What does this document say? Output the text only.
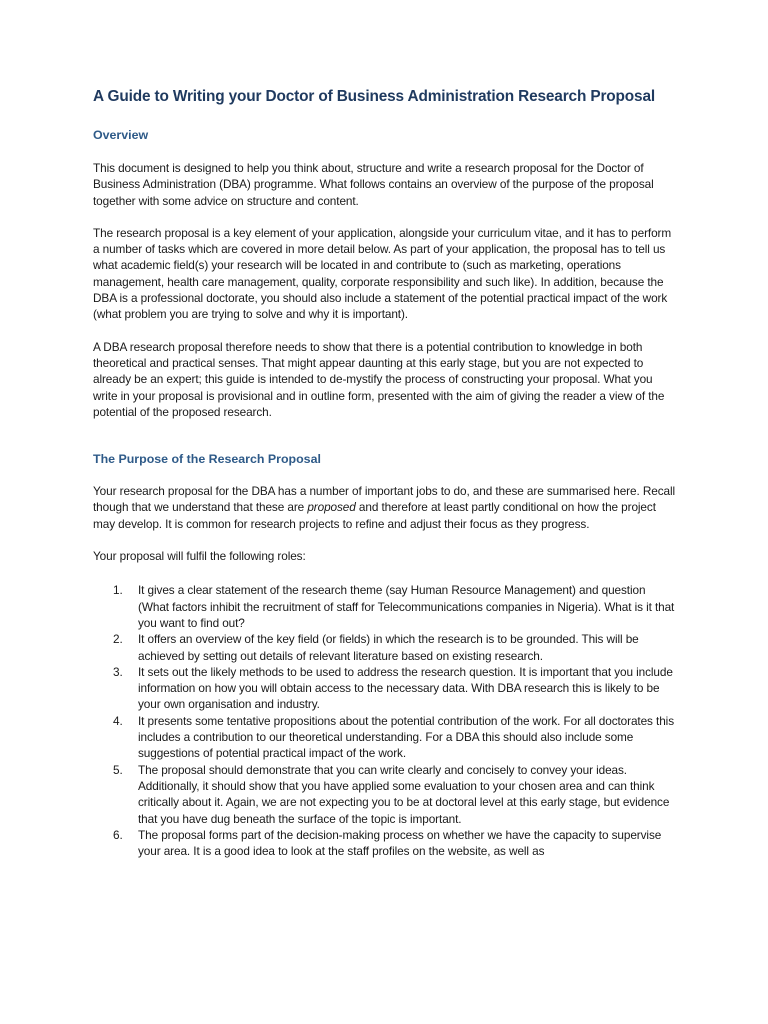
A Guide to Writing your Doctor of Business Administration Research Proposal
Overview

This document is designed to help you think about, structure and write a research proposal for the Doctor of Business Administration (DBA) programme. What follows contains an overview of the purpose of the proposal together with some advice on structure and content.

The research proposal is a key element of your application, alongside your curriculum vitae, and it has to perform a number of tasks which are covered in more detail below. As part of your application, the proposal has to tell us what academic field(s) your research will be located in and contribute to (such as marketing, operations management, health care management, quality, corporate responsibility and such like). In addition, because the DBA is a professional doctorate, you should also include a statement of the potential practical impact of the work (what problem you are trying to solve and why it is important).

A DBA research proposal therefore needs to show that there is a potential contribution to knowledge in both theoretical and practical senses. That might appear daunting at this early stage, but you are not expected to already be an expert; this guide is intended to de-mystify the process of constructing your proposal. What you write in your proposal is provisional and in outline form, presented with the aim of giving the reader a view of the potential of the proposed research.

The Purpose of the Research Proposal

Your research proposal for the DBA has a number of important jobs to do, and these are summarised here. Recall though that we understand that these are proposed and therefore at least partly conditional on how the project may develop. It is common for research projects to refine and adjust their focus as they progress.

Your proposal will fulfil the following roles:

1. It gives a clear statement of the research theme (say Human Resource Management) and question (What factors inhibit the recruitment of staff for Telecommunications companies in Nigeria). What is it that you want to find out?
2. It offers an overview of the key field (or fields) in which the research is to be grounded. This will be achieved by setting out details of relevant literature based on existing research.
3. It sets out the likely methods to be used to address the research question. It is important that you include information on how you will obtain access to the necessary data. With DBA research this is likely to be your own organisation and industry.
4. It presents some tentative propositions about the potential contribution of the work. For all doctorates this includes a contribution to our theoretical understanding. For a DBA this should also include some suggestions of potential practical impact of the work.
5. The proposal should demonstrate that you can write clearly and concisely to convey your ideas. Additionally, it should show that you have applied some evaluation to your chosen area and can think critically about it. Again, we are not expecting you to be at doctoral level at this early stage, but evidence that you have dug beneath the surface of the topic is important.
6. The proposal forms part of the decision-making process on whether we have the capacity to supervise your area. It is a good idea to look at the staff profiles on the website, as well as
